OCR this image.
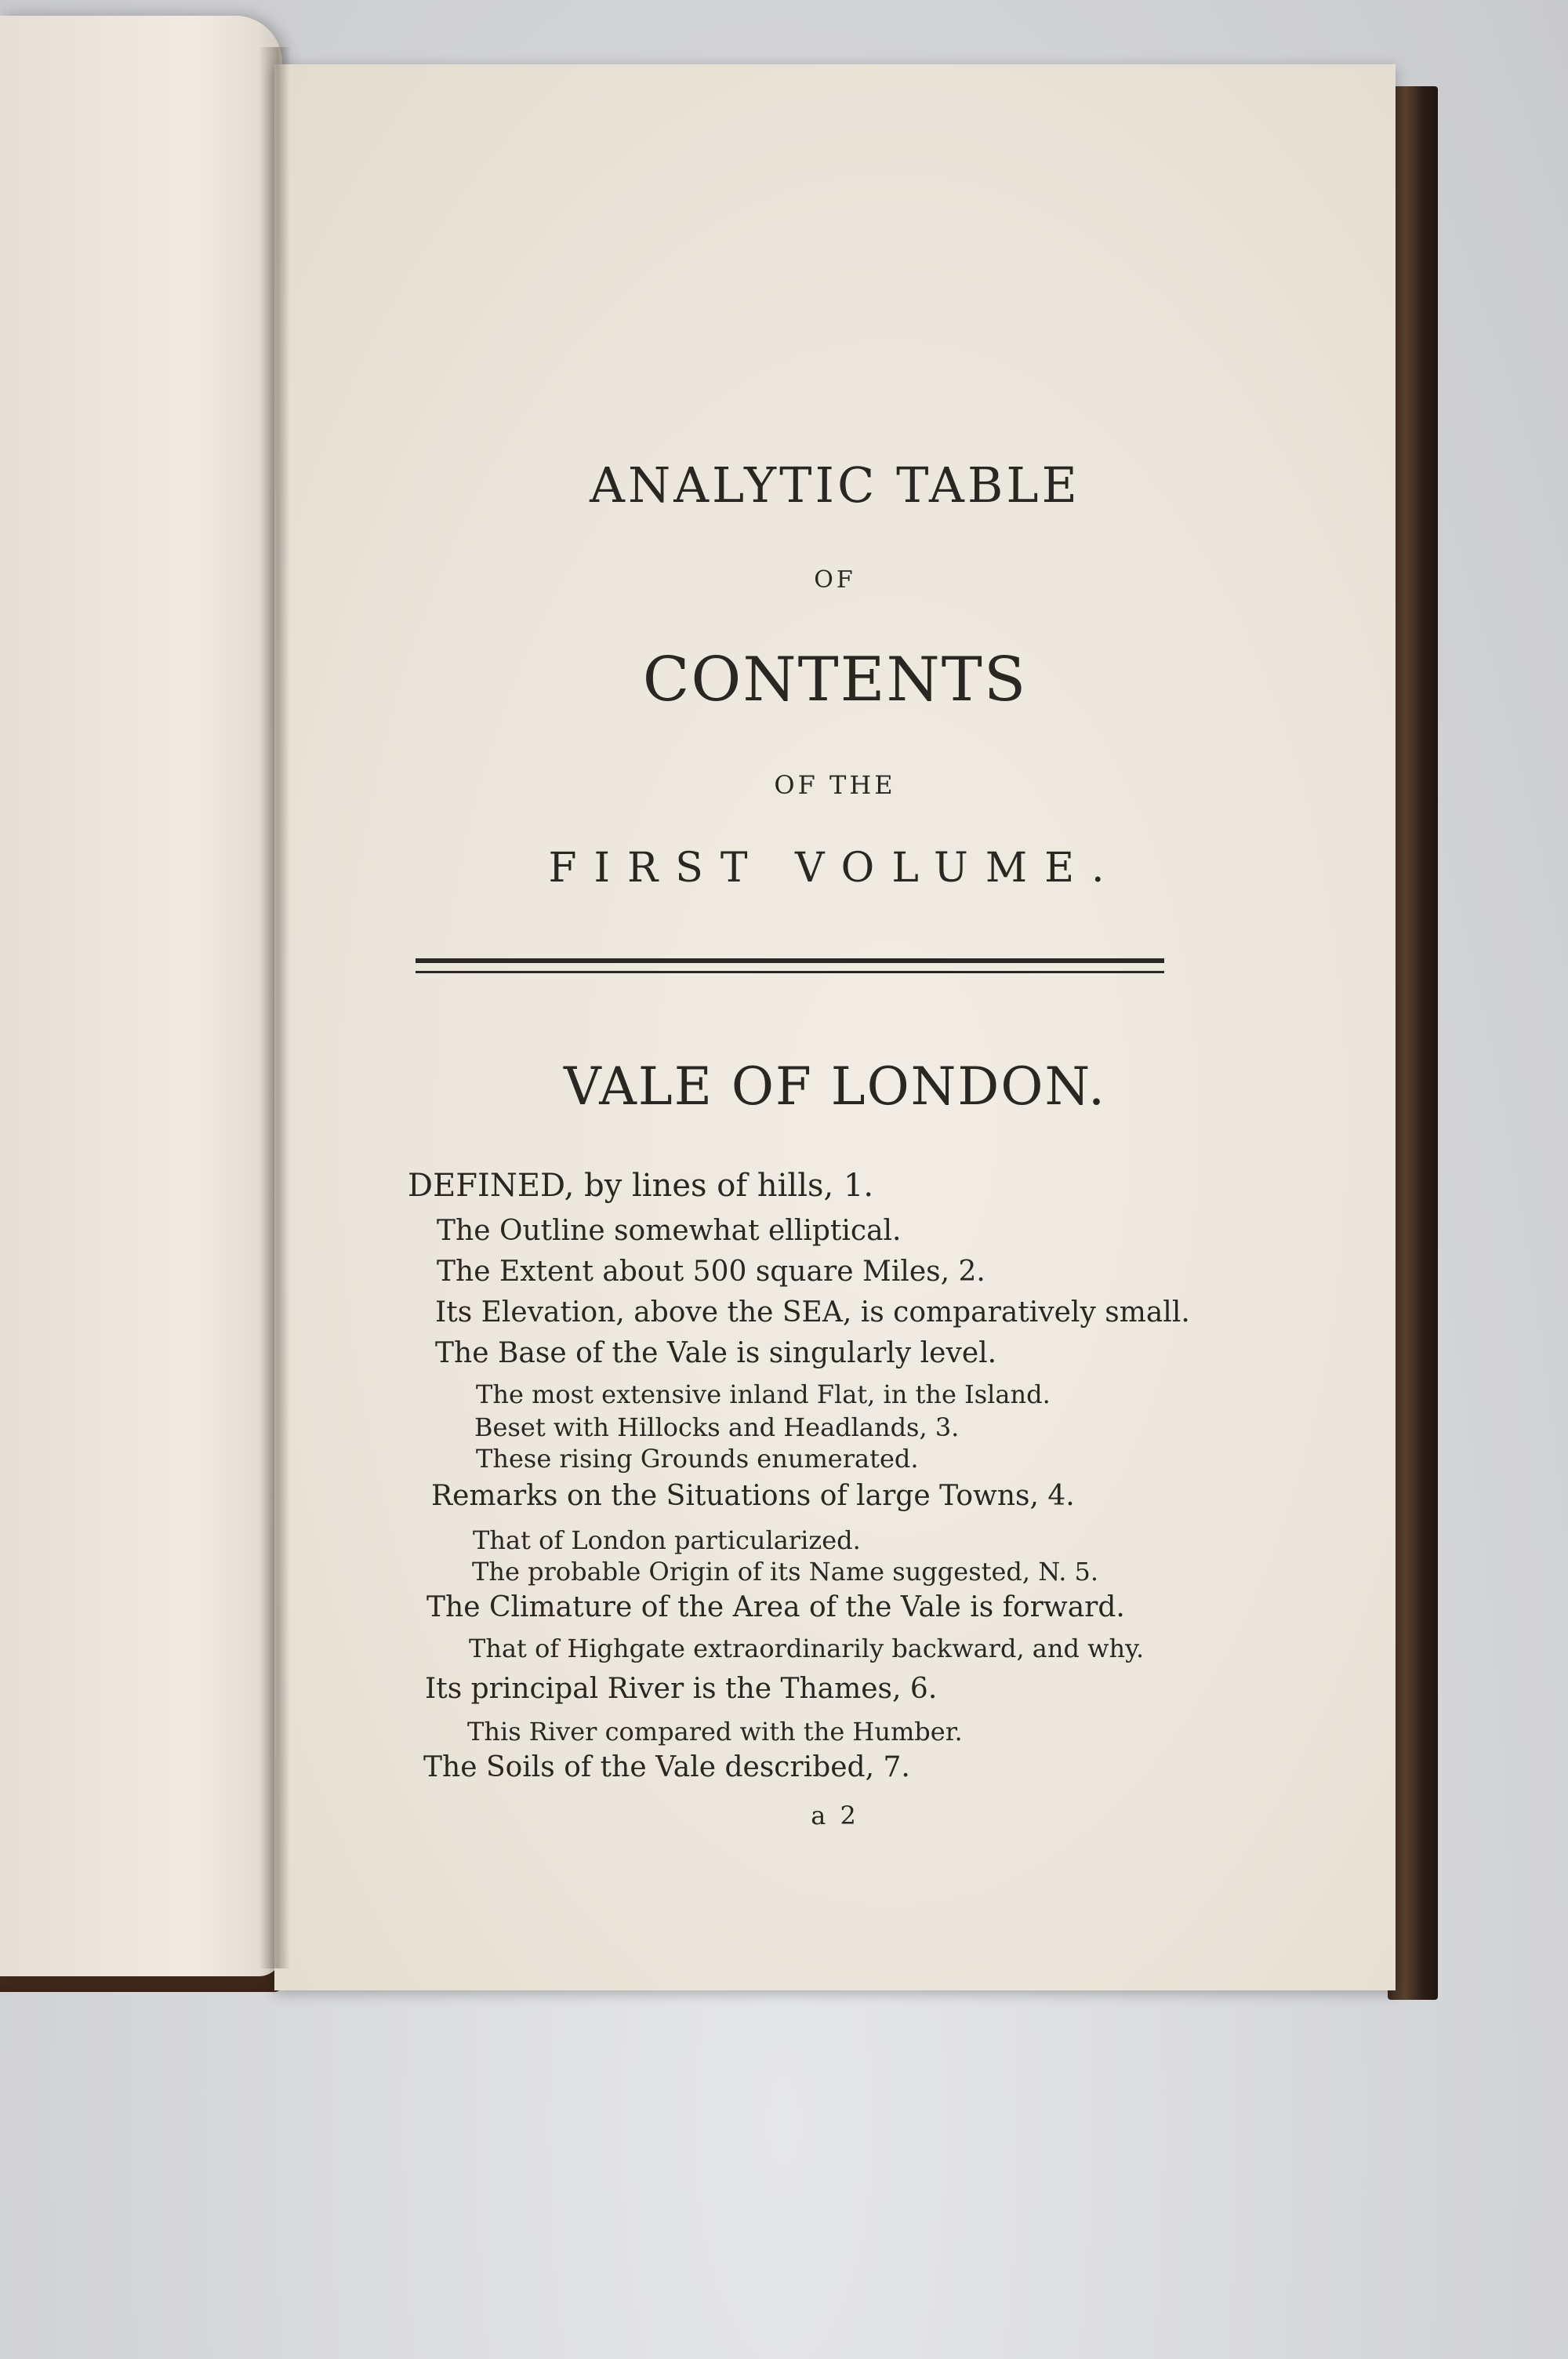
ANALYTIC TABLE
OF
CONTENTS
OF THE
FIRST VOLUME.
VALE OF LONDON.

DEFINED, by lines of hills, 1.

The Outline somewhat elliptical.

The Extent about 500 square Miles, 2.

Its Elevation, above the SEA, is comparatively small.

The Base of the Vale is singularly level.

The most extensive inland Flat, in the Island.

Beset with Hillocks and Headlands, 3.

These rising Grounds enumerated.

Remarks on the Situations of large Towns, 4.

That of London particularized.

The probable Origin of its Name suggested, N. 5.

The Climature of the Area of the Vale is forward.

That of Highgate extraordinarily backward, and why.

Its principal River is the Thames, 6.

This River compared with the Humber.

The Soils of the Vale described, 7.

a 2
